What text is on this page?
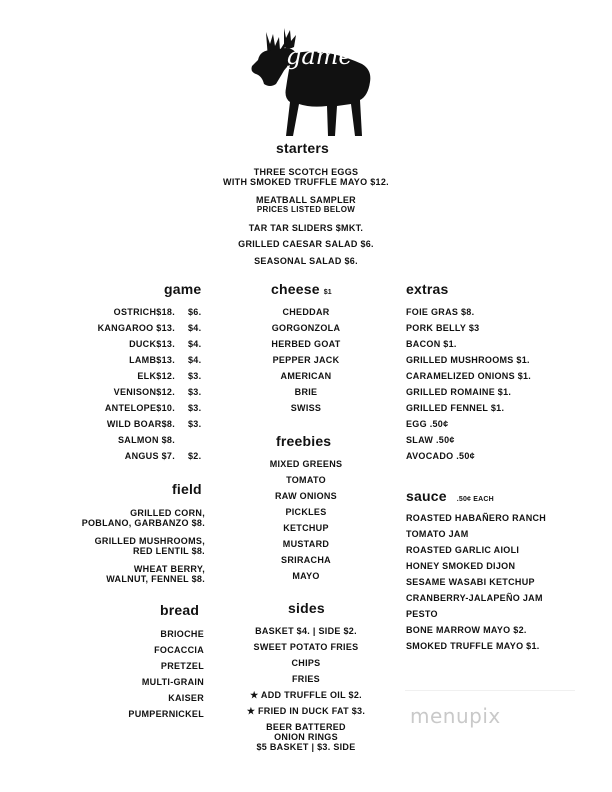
game
starters
THREE SCOTCH EGGS
WITH SMOKED TRUFFLE MAYO $12.
MEATBALL SAMPLER
PRICES LISTED BELOW
TAR TAR SLIDERS $MKT.
GRILLED CAESAR SALAD $6.
SEASONAL SALAD $6.
game
OSTRICH$18. $6.
KANGAROO $13. $4.
DUCK$13. $4.
LAMB$13. $4.
ELK$12. $3.
VENISON$12. $3.
ANTELOPE$10. $3.
WILD BOAR$8. $3.
SALMON $8.
ANGUS $7. $2.
field
GRILLED CORN,
POBLANO, GARBANZO $8.
GRILLED MUSHROOMS,
RED LENTIL $8.
WHEAT BERRY,
WALNUT, FENNEL $8.
bread
BRIOCHE
FOCACCIA
PRETZEL
MULTI-GRAIN
KAISER
PUMPERNICKEL
cheese $1
CHEDDAR
GORGONZOLA
HERBED GOAT
PEPPER JACK
AMERICAN
BRIE
SWISS
freebies
MIXED GREENS
TOMATO
RAW ONIONS
PICKLES
KETCHUP
MUSTARD
SRIRACHA
MAYO
sides
BASKET $4. | SIDE $2.
SWEET POTATO FRIES
CHIPS
FRIES
★ ADD TRUFFLE OIL $2.
★ FRIED IN DUCK FAT $3.
BEER BATTERED
ONION RINGS
$5 BASKET | $3. SIDE
extras
FOIE GRAS $8.
PORK BELLY $3
BACON $1.
GRILLED MUSHROOMS $1.
CARAMELIZED ONIONS $1.
GRILLED ROMAINE $1.
GRILLED FENNEL $1.
EGG .50¢
SLAW .50¢
AVOCADO .50¢
sauce .50¢ EACH
ROASTED HABAÑERO RANCH
TOMATO JAM
ROASTED GARLIC AIOLI
HONEY SMOKED DIJON
SESAME WASABI KETCHUP
CRANBERRY-JALAPEÑO JAM
PESTO
BONE MARROW MAYO $2.
SMOKED TRUFFLE MAYO $1.
menupix
